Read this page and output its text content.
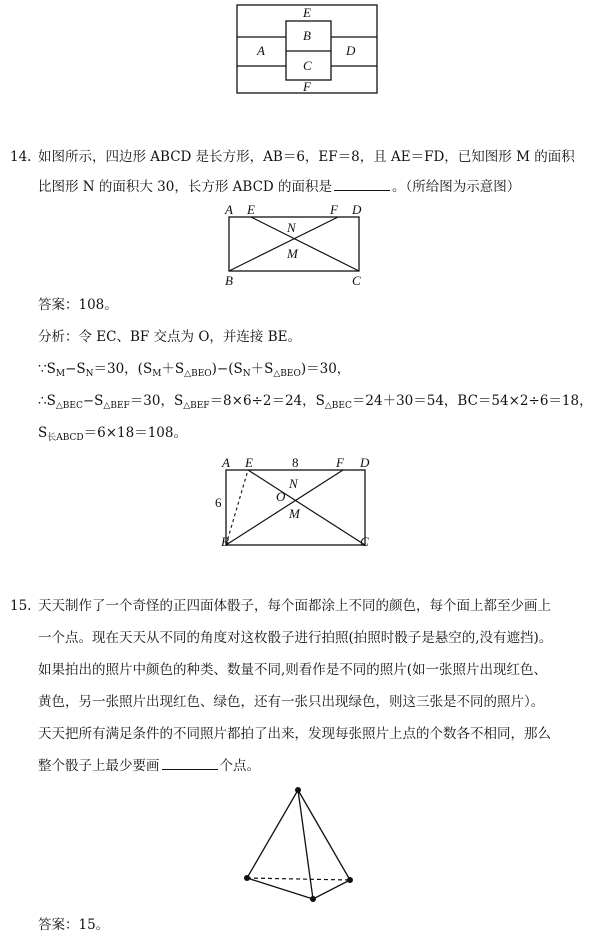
E
B
A
C
D
F
14. 如图所示，四边形 ABCD 是长方形，AB＝6，EF＝8，且 AE＝FD，已知图形 M 的面积
比图形 N 的面积大 30，长方形 ABCD 的面积是	。（所给图为示意图）
A E	F D
N
M
B	C
答案：108。
分析：令 EC、BF 交点为 O，并连接 BE。
$\because S_M-S_N=30$，$(S_M+S_{\triangle BEO})-(S_N+S_{\triangle BEO})=30$，
$\therefore S_{\triangle BEC}-S_{\triangle BEF}=30$，$S_{\triangle BEF}=8\times 6\div 2=24$，$S_{\triangle BEC}=24+30=54$，BC＝54×2÷6＝18，
$S_{长ABCD}=6\times 18=108$。
A E	8	F D
6
N
O
M
B	C
15. 天天制作了一个奇怪的正四面体骰子，每个面都涂上不同的颜色，每个面上都至少画上
一个点。现在天天从不同的角度对这枚骰子进行拍照(拍照时骰子是悬空的,没有遮挡)。
如果拍出的照片中颜色的种类、数量不同,则看作是不同的照片(如一张照片出现红色、
黄色，另一张照片出现红色、绿色，还有一张只出现绿色，则这三张是不同的照片）。
天天把所有满足条件的不同照片都拍了出来，发现每张照片上点的个数各不相同，那么
整个骰子上最少要画	个点。
答案：15。
